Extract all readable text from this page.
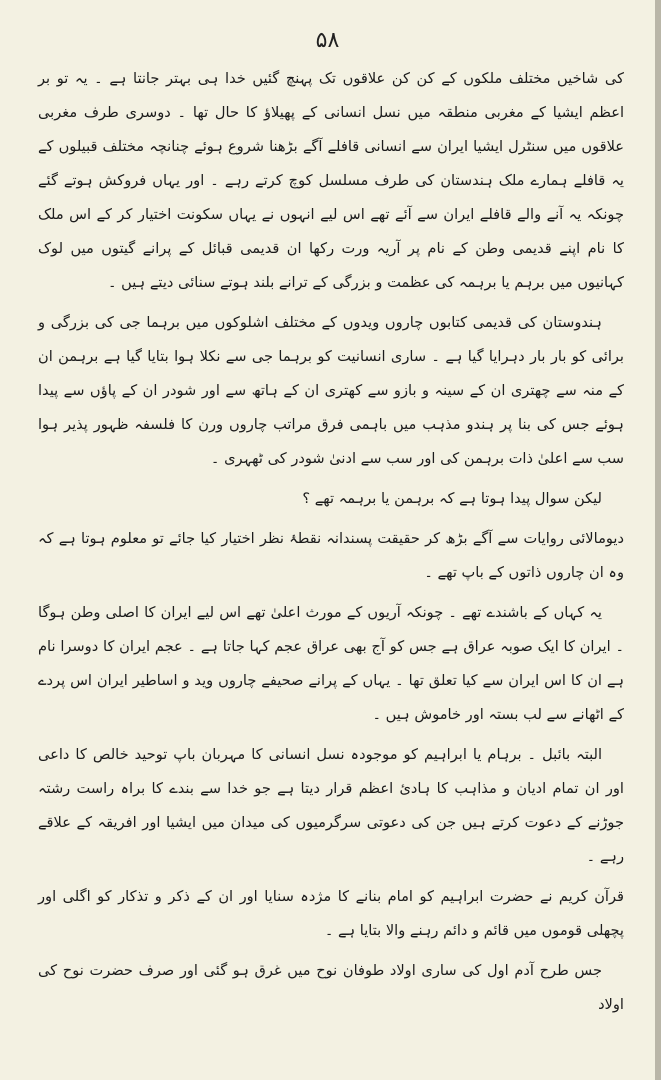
۵۸

کی شاخیں مختلف ملکوں کے کن کن علاقوں تک پہنچ گئیں خدا ہی بہتر جانتا ہے ۔ یہ تو بر اعظم ایشیا کے مغربی منطقہ میں نسل انسانی کے پھیلاؤ کا حال تھا ۔ دوسری طرف مغربی علاقوں میں سنٹرل ایشیا ایران سے انسانی قافلے آگے بڑھنا شروع ہوئے چنانچہ مختلف قبیلوں کے یہ قافلے ہمارے ملک ہندستان کی طرف مسلسل کوچ کرتے رہے ۔ اور یہاں فروکش ہوتے گئے چونکہ یہ آنے والے قافلے ایران سے آئے تھے اس لیے انہوں نے یہاں سکونت اختیار کر کے اس ملک کا نام اپنے قدیمی وطن کے نام پر آریہ ورت رکھا ان قدیمی قبائل کے پرانے گیتوں میں لوک کہانیوں میں برہم یا برہمہ کی عظمت و بزرگی کے ترانے بلند ہوتے سنائی دیتے ہیں ۔

ہندوستان کی قدیمی کتابوں چاروں ویدوں کے مختلف اشلوکوں میں برہما جی کی بزرگی و برائی کو بار بار دہرایا گیا ہے ۔ ساری انسانیت کو برہما جی سے نکلا ہوا بتایا گیا ہے برہمن ان کے منہ سے چھتری ان کے سینہ و بازو سے کھتری ان کے ہاتھ سے اور شودر ان کے پاؤں سے پیدا ہوئے جس کی بنا پر ہندو مذہب میں باہمی فرق مراتب چاروں ورن کا فلسفہ ظہور پذیر ہوا سب سے اعلیٰ ذات برہمن کی اور سب سے ادنیٰ شودر کی ٹھہری ۔

لیکن سوال پیدا ہوتا ہے کہ برہمن یا برہمہ تھے ؟

دیومالائی روایات سے آگے بڑھ کر حقیقت پسندانہ نقطۂ نظر اختیار کیا جائے تو معلوم ہوتا ہے کہ وہ ان چاروں ذاتوں کے باپ تھے ۔

یہ کہاں کے باشندے تھے ۔ چونکہ آریوں کے مورث اعلیٰ تھے اس لیے ایران کا اصلی وطن ہوگا ۔ ایران کا ایک صوبہ عراق ہے جس کو آج بھی عراق عجم کہا جاتا ہے ۔ عجم ایران کا دوسرا نام ہے ان کا اس ایران سے کیا تعلق تھا ۔ یہاں کے پرانے صحیفے چاروں وید و اساطیر ایران اس پردے کے اٹھانے سے لب بستہ اور خاموش ہیں ۔

البتہ بائبل ۔ برہام یا ابراہیم کو موجودہ نسل انسانی کا مہربان باپ توحید خالص کا داعی اور ان تمام ادیان و مذاہب کا ہادیٔ اعظم قرار دیتا ہے جو خدا سے بندے کا براہ راست رشتہ جوڑنے کے دعوت کرتے ہیں جن کی دعوتی سرگرمیوں کی میدان میں ایشیا اور افریقہ کے علاقے رہے ۔

قرآن کریم نے حضرت ابراہیم کو امام بنانے کا مژدہ سنایا اور ان کے ذکر و تذکار کو اگلی اور پچھلی قوموں میں قائم و دائم رہنے والا بتایا ہے ۔

جس طرح آدم اول کی ساری اولاد طوفان نوح میں غرق ہو گئی اور صرف حضرت نوح کی اولاد
